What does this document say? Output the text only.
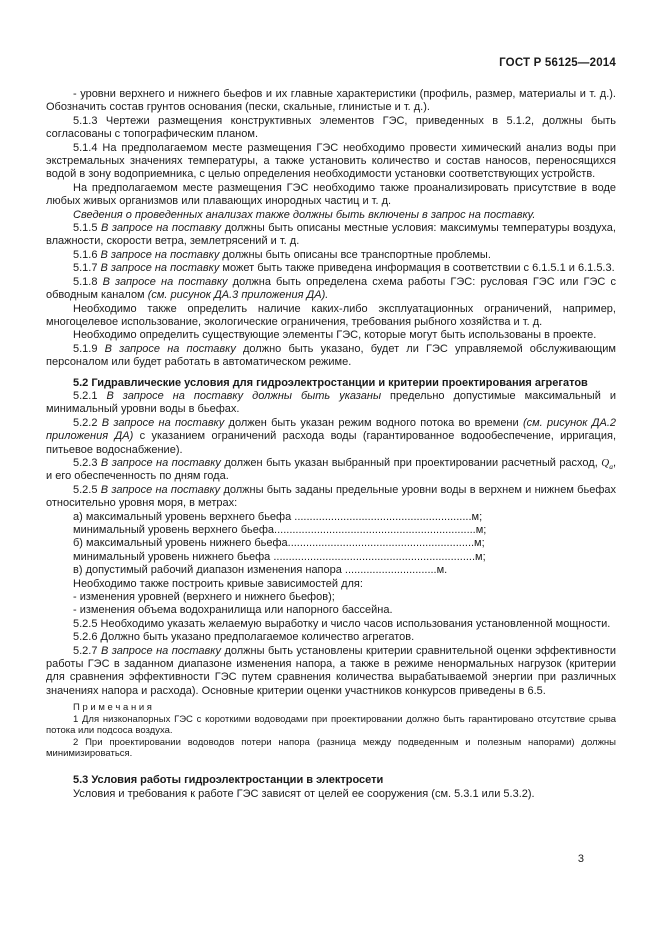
ГОСТ Р 56125—2014

- уровни верхнего и нижнего бьефов и их главные характеристики (профиль, размер, материалы и т. д.). Обозначить состав грунтов основания (пески, скальные, глинистые и т. д.).

5.1.3 Чертежи размещения конструктивных элементов ГЭС, приведенных в 5.1.2, должны быть согласованы с топографическим планом.

5.1.4 На предполагаемом месте размещения ГЭС необходимо провести химический анализ воды при экстремальных значениях температуры, а также установить количество и состав наносов, переносящихся водой в зону водоприемника, с целью определения необходимости установки соответствующих устройств.

На предполагаемом месте размещения ГЭС необходимо также проанализировать присутствие в воде любых живых организмов или плавающих инородных частиц и т. д.

Сведения о проведенных анализах также должны быть включены в запрос на поставку.

5.1.5 В запросе на поставку должны быть описаны местные условия: максимумы температуры воздуха, влажности, скорости ветра, землетрясений и т. д.

5.1.6 В запросе на поставку должны быть описаны все транспортные проблемы.

5.1.7 В запросе на поставку может быть также приведена информация в соответствии с 6.1.5.1 и 6.1.5.3.

5.1.8 В запросе на поставку должна быть определена схема работы ГЭС: русловая ГЭС или ГЭС с обводным каналом (см. рисунок ДА.3 приложения ДА).

Необходимо также определить наличие каких-либо эксплуатационных ограничений, например, многоцелевое использование, экологические ограничения, требования рыбного хозяйства и т. д.

Необходимо определить существующие элементы ГЭС, которые могут быть использованы в проекте.

5.1.9 В запросе на поставку должно быть указано, будет ли ГЭС управляемой обслуживающим персоналом или будет работать в автоматическом режиме.

5.2 Гидравлические условия для гидроэлектростанции и критерии проектирования агрегатов

5.2.1 В запросе на поставку должны быть указаны предельно допустимые максимальный и минимальный уровни воды в бьефах.

5.2.2 В запросе на поставку должен быть указан режим водного потока во времени (см. рисунок ДА.2 приложения ДА) с указанием ограничений расхода воды (гарантированное водообеспечение, ирригация, питьевое водоснабжение).

5.2.3 В запросе на поставку должен быть указан выбранный при проектировании расчетный расход, $Q_а$, и его обеспеченность по дням года.

5.2.5 В запросе на поставку должны быть заданы предельные уровни воды в верхнем и нижнем бьефах относительно уровня моря, в метрах:

а) максимальный уровень верхнего бьефа ..........................................................м;

минимальный уровень верхнего бьефа..................................................................м;

б) максимальный уровень нижнего бьефа.............................................................м;

минимальный уровень нижнего бьефа ..................................................................м;

в) допустимый рабочий диапазон изменения напора ..............................м.

Необходимо также построить кривые зависимостей для:

- изменения уровней (верхнего и нижнего бьефов);

- изменения объема водохранилища или напорного бассейна.

5.2.5 Необходимо указать желаемую выработку и число часов использования установленной мощности.

5.2.6 Должно быть указано предполагаемое количество агрегатов.

5.2.7 В запросе на поставку должны быть установлены критерии сравнительной оценки эффективности работы ГЭС в заданном диапазоне изменения напора, а также в режиме ненормальных нагрузок (критерии для сравнения эффективности ГЭС путем сравнения количества вырабатываемой энергии при различных значениях напора и расхода). Основные критерии оценки участников конкурсов приведены в 6.5.

П р и м е ч а н и я

1 Для низконапорных ГЭС с короткими водоводами при проектировании должно быть гарантировано отсутствие срыва потока или подсоса воздуха.

2 При проектировании водоводов потери напора (разница между подведенным и полезным напорами) должны минимизироваться.

5.3 Условия работы гидроэлектростанции в электросети

Условия и требования к работе ГЭС зависят от целей ее сооружения (см. 5.3.1 или 5.3.2).

3
